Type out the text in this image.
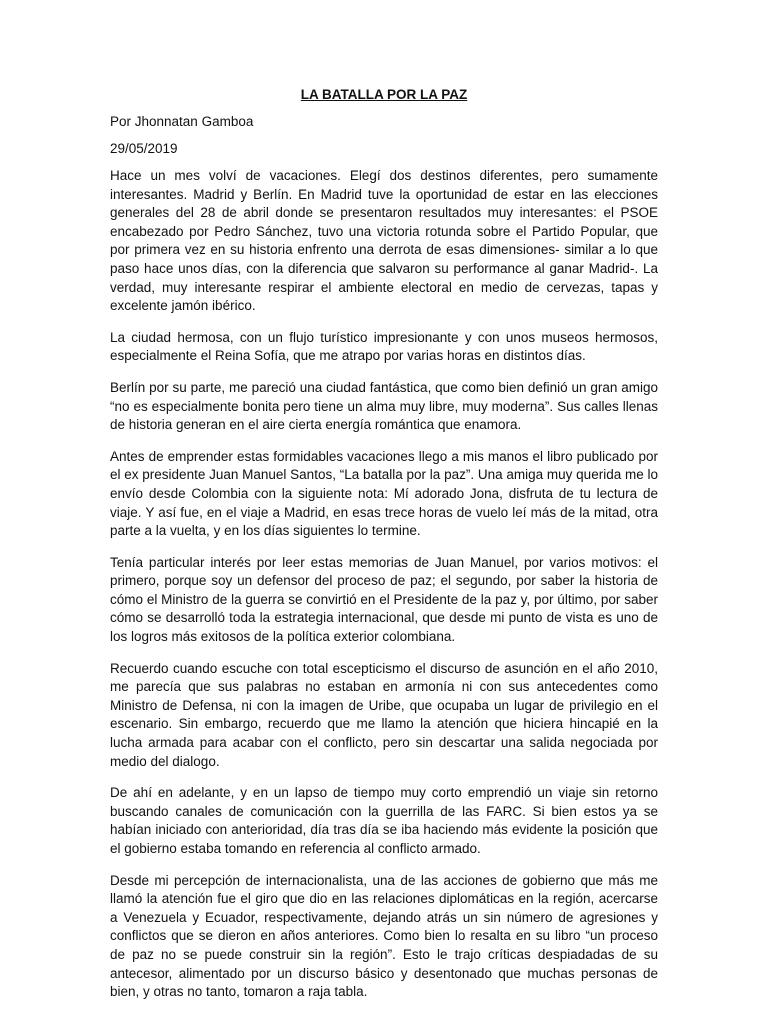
LA BATALLA POR LA PAZ

Por Jhonnatan Gamboa

29/05/2019

Hace un mes volví de vacaciones. Elegí dos destinos diferentes, pero sumamente interesantes. Madrid y Berlín. En Madrid tuve la oportunidad de estar en las elecciones generales del 28 de abril donde se presentaron resultados muy interesantes: el PSOE encabezado por Pedro Sánchez, tuvo una victoria rotunda sobre el Partido Popular, que por primera vez en su historia enfrento una derrota de esas dimensiones- similar a lo que paso hace unos días, con la diferencia que salvaron su performance al ganar Madrid-. La verdad, muy interesante respirar el ambiente electoral en medio de cervezas, tapas y excelente jamón ibérico.

La ciudad hermosa, con un flujo turístico impresionante y con unos museos hermosos, especialmente el Reina Sofía, que me atrapo por varias horas en distintos días.

Berlín por su parte, me pareció una ciudad fantástica, que como bien definió un gran amigo “no es especialmente bonita pero tiene un alma muy libre, muy moderna”. Sus calles llenas de historia generan en el aire cierta energía romántica que enamora.

Antes de emprender estas formidables vacaciones llego a mis manos el libro publicado por el ex presidente Juan Manuel Santos, “La batalla por la paz”. Una amiga muy querida me lo envío desde Colombia con la siguiente nota: Mí adorado Jona, disfruta de tu lectura de viaje. Y así fue, en el viaje a Madrid, en esas trece horas de vuelo leí más de la mitad, otra parte a la vuelta, y en los días siguientes lo termine.

Tenía particular interés por leer estas memorias de Juan Manuel, por varios motivos: el primero, porque soy un defensor del proceso de paz; el segundo, por saber la historia de cómo el Ministro de la guerra se convirtió en el Presidente de la paz y, por último, por saber cómo se desarrolló toda la estrategia internacional, que desde mi punto de vista es uno de los logros más exitosos de la política exterior colombiana.

Recuerdo cuando escuche con total escepticismo el discurso de asunción en el año 2010, me parecía que sus palabras no estaban en armonía ni con sus antecedentes como Ministro de Defensa, ni con la imagen de Uribe, que ocupaba un lugar de privilegio en el escenario. Sin embargo, recuerdo que me llamo la atención que hiciera hincapié en la lucha armada para acabar con el conflicto, pero sin descartar una salida negociada por medio del dialogo.

De ahí en adelante, y en un lapso de tiempo muy corto emprendió un viaje sin retorno buscando canales de comunicación con la guerrilla de las FARC. Si bien estos ya se habían iniciado con anterioridad, día tras día se iba haciendo más evidente la posición que el gobierno estaba tomando en referencia al conflicto armado.

Desde mi percepción de internacionalista, una de las acciones de gobierno que más me llamó la atención fue el giro que dio en las relaciones diplomáticas en la región, acercarse a Venezuela y Ecuador, respectivamente, dejando atrás un sin número de agresiones y conflictos que se dieron en años anteriores. Como bien lo resalta en su libro “un proceso de paz no se puede construir sin la región”. Esto le trajo críticas despiadadas de su antecesor, alimentado por un discurso básico y desentonado que muchas personas de bien, y otras no tanto, tomaron a raja tabla.
